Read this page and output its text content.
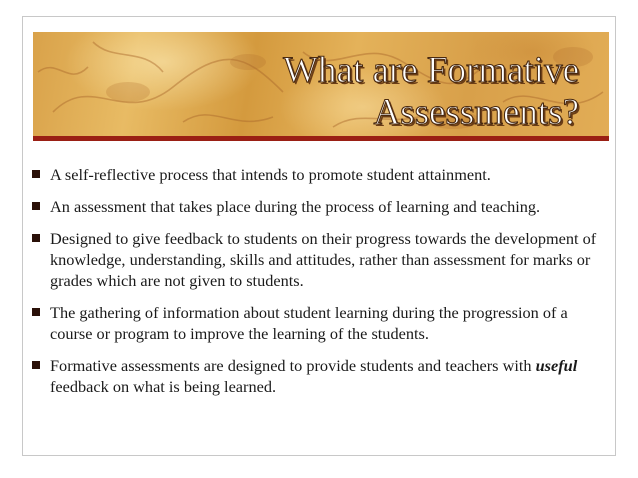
What are Formative
Assessments?
A self-reflective process that intends to promote student attainment.
An assessment that takes place during the process of learning and teaching.
Designed to give feedback to students on their progress towards the development of knowledge, understanding, skills and attitudes, rather than assessment for marks or grades which are not given to students.
The gathering of information about student learning during the progression of a course or program to improve the learning of the students.
Formative assessments are designed to provide students and teachers with useful feedback on what is being learned.
